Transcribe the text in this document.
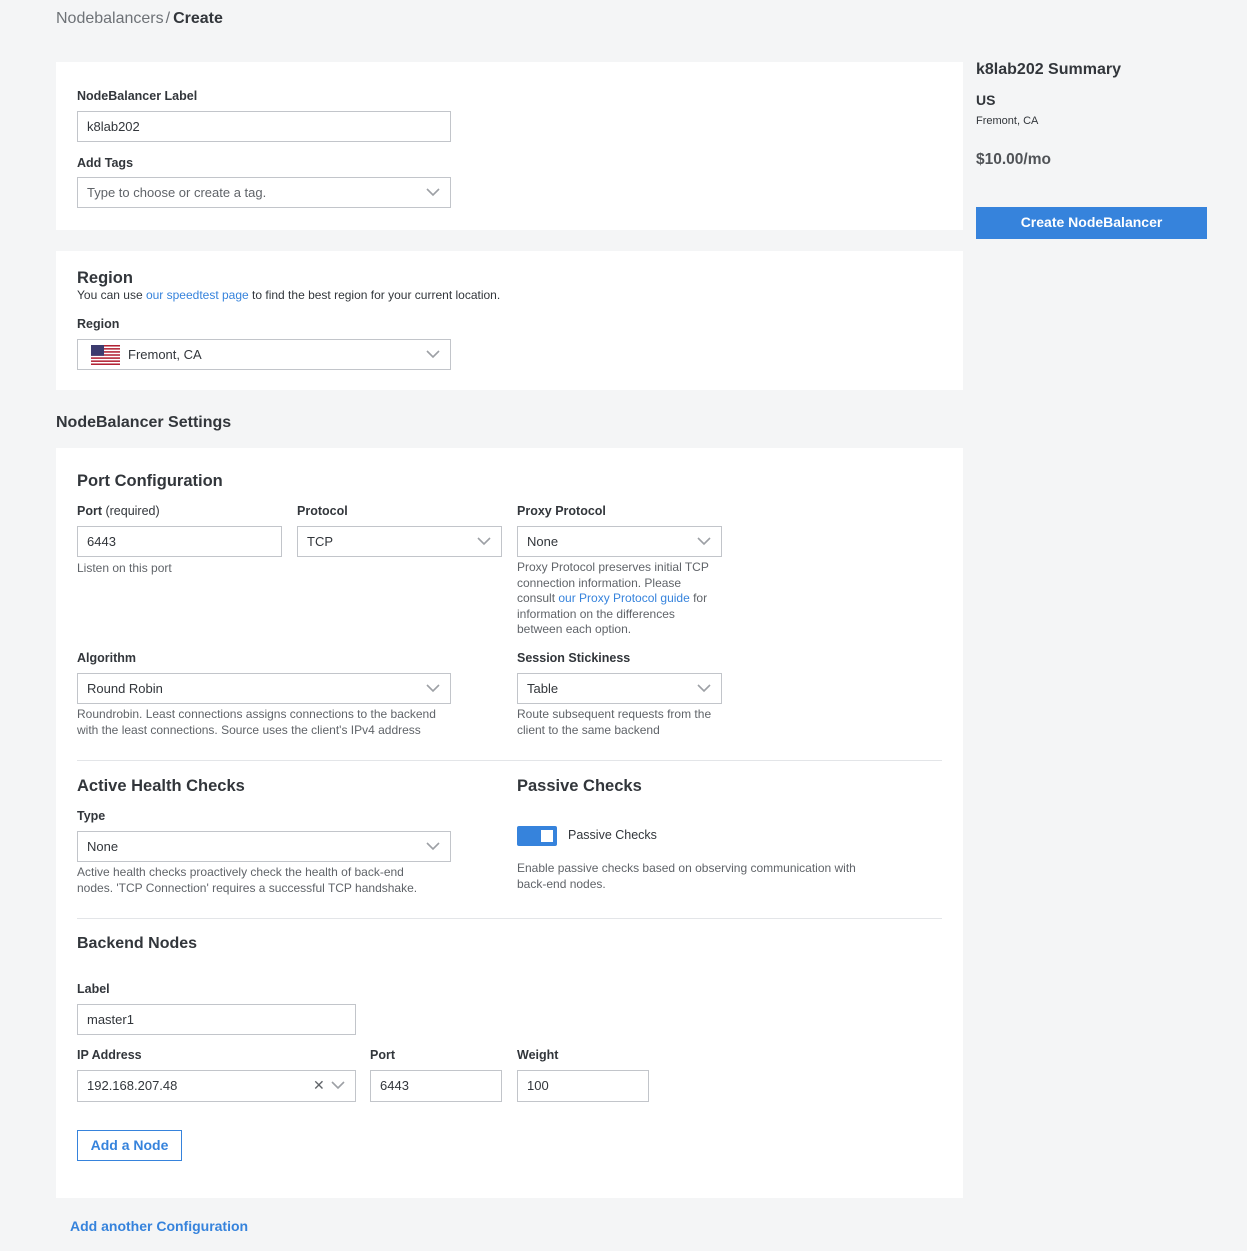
Nodebalancers / Create
NodeBalancer Label
k8lab202
Add Tags
Type to choose or create a tag.
Region
You can use our speedtest page to find the best region for your current location.
Region
Fremont, CA
NodeBalancer Settings
Port Configuration
Port (required)
6443
Listen on this port
Protocol
TCP
Proxy Protocol
None
Proxy Protocol preserves initial TCP
connection information. Please
consult our Proxy Protocol guide for
information on the differences
between each option.
Algorithm
Round Robin
Roundrobin. Least connections assigns connections to the backend
with the least connections. Source uses the client's IPv4 address
Session Stickiness
Table
Route subsequent requests from the
client to the same backend
Active Health Checks
Type
None
Active health checks proactively check the health of back-end
nodes. 'TCP Connection' requires a successful TCP handshake.
Passive Checks
Passive Checks
Enable passive checks based on observing communication with
back-end nodes.
Backend Nodes
Label
master1
IP Address
192.168.207.48	✕
Port
6443
Weight
100
Add a Node
Add another Configuration
k8lab202 Summary
US
Fremont, CA
$10.00/mo
Create NodeBalancer
